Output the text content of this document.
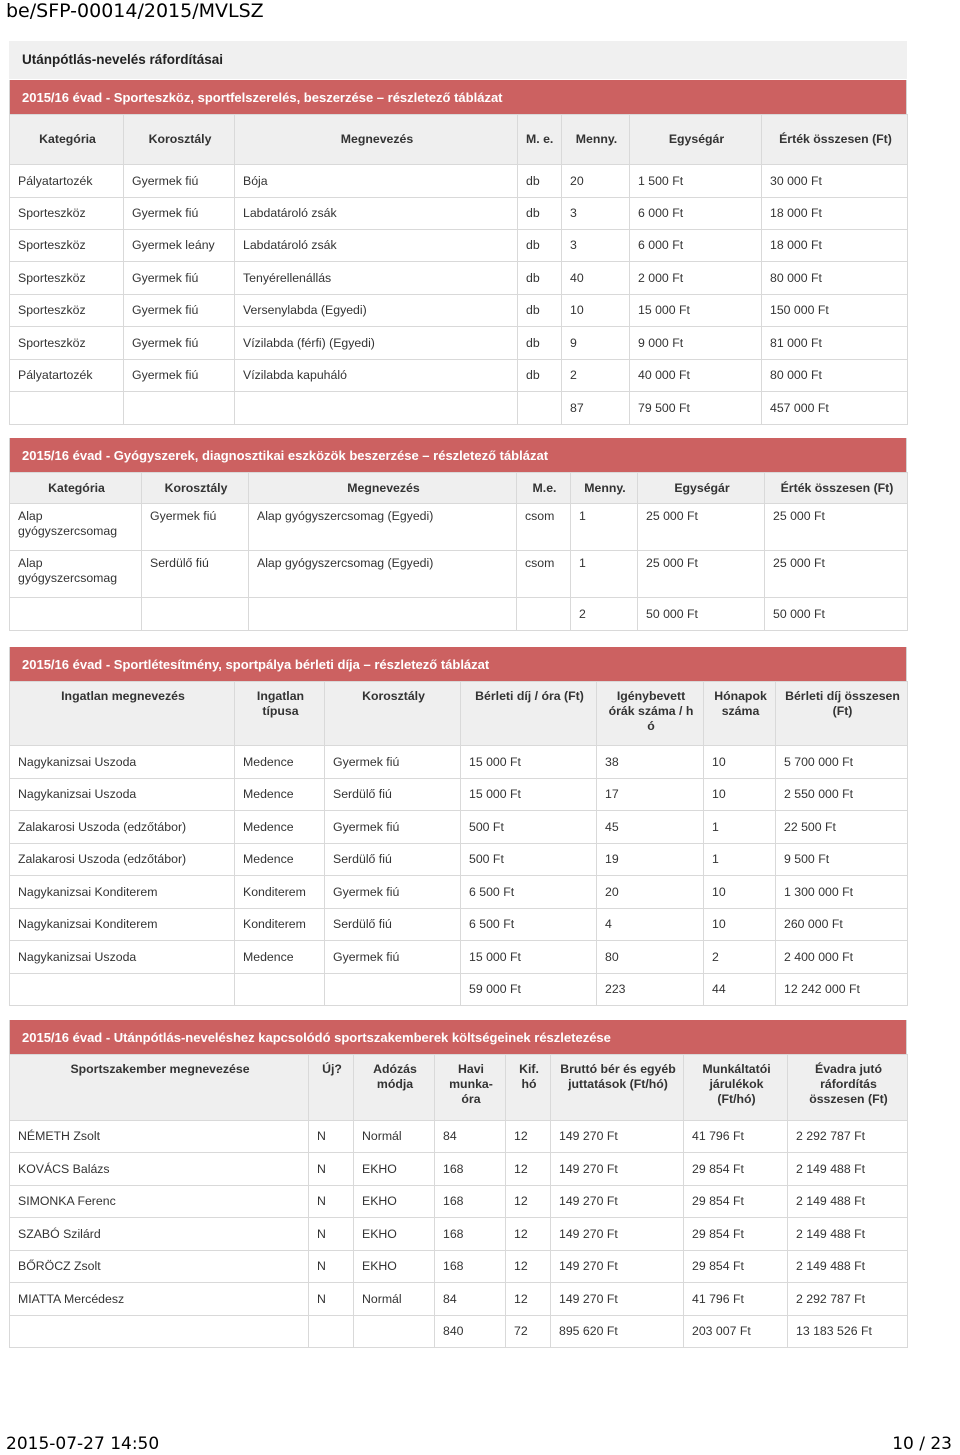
be/SFP-00014/2015/MVLSZ
Utánpótlás-nevelés ráfordításai
2015/16 évad - Sporteszköz, sportfelszerelés, beszerzése – részletező táblázat
Kategória	Korosztály	Megnevezés	M. e.	Menny.	Egységár	Érték összesen (Ft)
Pályatartozék	Gyermek fiú	Bója	db	20	1 500 Ft	30 000 Ft
Sporteszköz	Gyermek fiú	Labdatároló zsák	db	3	6 000 Ft	18 000 Ft
Sporteszköz	Gyermek leány	Labdatároló zsák	db	3	6 000 Ft	18 000 Ft
Sporteszköz	Gyermek fiú	Tenyérellenállás	db	40	2 000 Ft	80 000 Ft
Sporteszköz	Gyermek fiú	Versenylabda (Egyedi)	db	10	15 000 Ft	150 000 Ft
Sporteszköz	Gyermek fiú	Vízilabda (férfi) (Egyedi)	db	9	9 000 Ft	81 000 Ft
Pályatartozék	Gyermek fiú	Vízilabda kapuháló	db	2	40 000 Ft	80 000 Ft
				87	79 500 Ft	457 000 Ft
2015/16 évad - Gyógyszerek, diagnosztikai eszközök beszerzése – részletező táblázat
Kategória	Korosztály	Megnevezés	M.e.	Menny.	Egységár	Érték összesen (Ft)
Alap gyógyszercsomag	Gyermek fiú	Alap gyógyszercsomag (Egyedi)	csom	1	25 000 Ft	25 000 Ft
Alap gyógyszercsomag	Serdülő fiú	Alap gyógyszercsomag (Egyedi)	csom	1	25 000 Ft	25 000 Ft
				2	50 000 Ft	50 000 Ft
2015/16 évad - Sportlétesítmény, sportpálya bérleti díja – részletező táblázat
Ingatlan megnevezés	Ingatlan típusa	Korosztály	Bérleti díj / óra (Ft)	Igénybevett órák száma / h ó	Hónapok száma	Bérleti díj összesen (Ft)
Nagykanizsai Uszoda	Medence	Gyermek fiú	15 000 Ft	38	10	5 700 000 Ft
Nagykanizsai Uszoda	Medence	Serdülő fiú	15 000 Ft	17	10	2 550 000 Ft
Zalakarosi Uszoda (edzőtábor)	Medence	Gyermek fiú	500 Ft	45	1	22 500 Ft
Zalakarosi Uszoda (edzőtábor)	Medence	Serdülő fiú	500 Ft	19	1	9 500 Ft
Nagykanizsai Konditerem	Konditerem	Gyermek fiú	6 500 Ft	20	10	1 300 000 Ft
Nagykanizsai Konditerem	Konditerem	Serdülő fiú	6 500 Ft	4	10	260 000 Ft
Nagykanizsai Uszoda	Medence	Gyermek fiú	15 000 Ft	80	2	2 400 000 Ft
			59 000 Ft	223	44	12 242 000 Ft
2015/16 évad - Utánpótlás-neveléshez kapcsolódó sportszakemberek költségeinek részletezése
Sportszakember megnevezése	Új?	Adózás módja	Havi munka-óra	Kif. hó	Bruttó bér és egyéb juttatások (Ft/hó)	Munkáltatói járulékok (Ft/hó)	Évadra jutó ráfordítás összesen (Ft)
NÉMETH Zsolt	N	Normál	84	12	149 270 Ft	41 796 Ft	2 292 787 Ft
KOVÁCS Balázs	N	EKHO	168	12	149 270 Ft	29 854 Ft	2 149 488 Ft
SIMONKA Ferenc	N	EKHO	168	12	149 270 Ft	29 854 Ft	2 149 488 Ft
SZABÓ Szilárd	N	EKHO	168	12	149 270 Ft	29 854 Ft	2 149 488 Ft
BŐRÖCZ Zsolt	N	EKHO	168	12	149 270 Ft	29 854 Ft	2 149 488 Ft
MIATTA Mercédesz	N	Normál	84	12	149 270 Ft	41 796 Ft	2 292 787 Ft
			840	72	895 620 Ft	203 007 Ft	13 183 526 Ft
2015-07-27 14:50	10 / 23
